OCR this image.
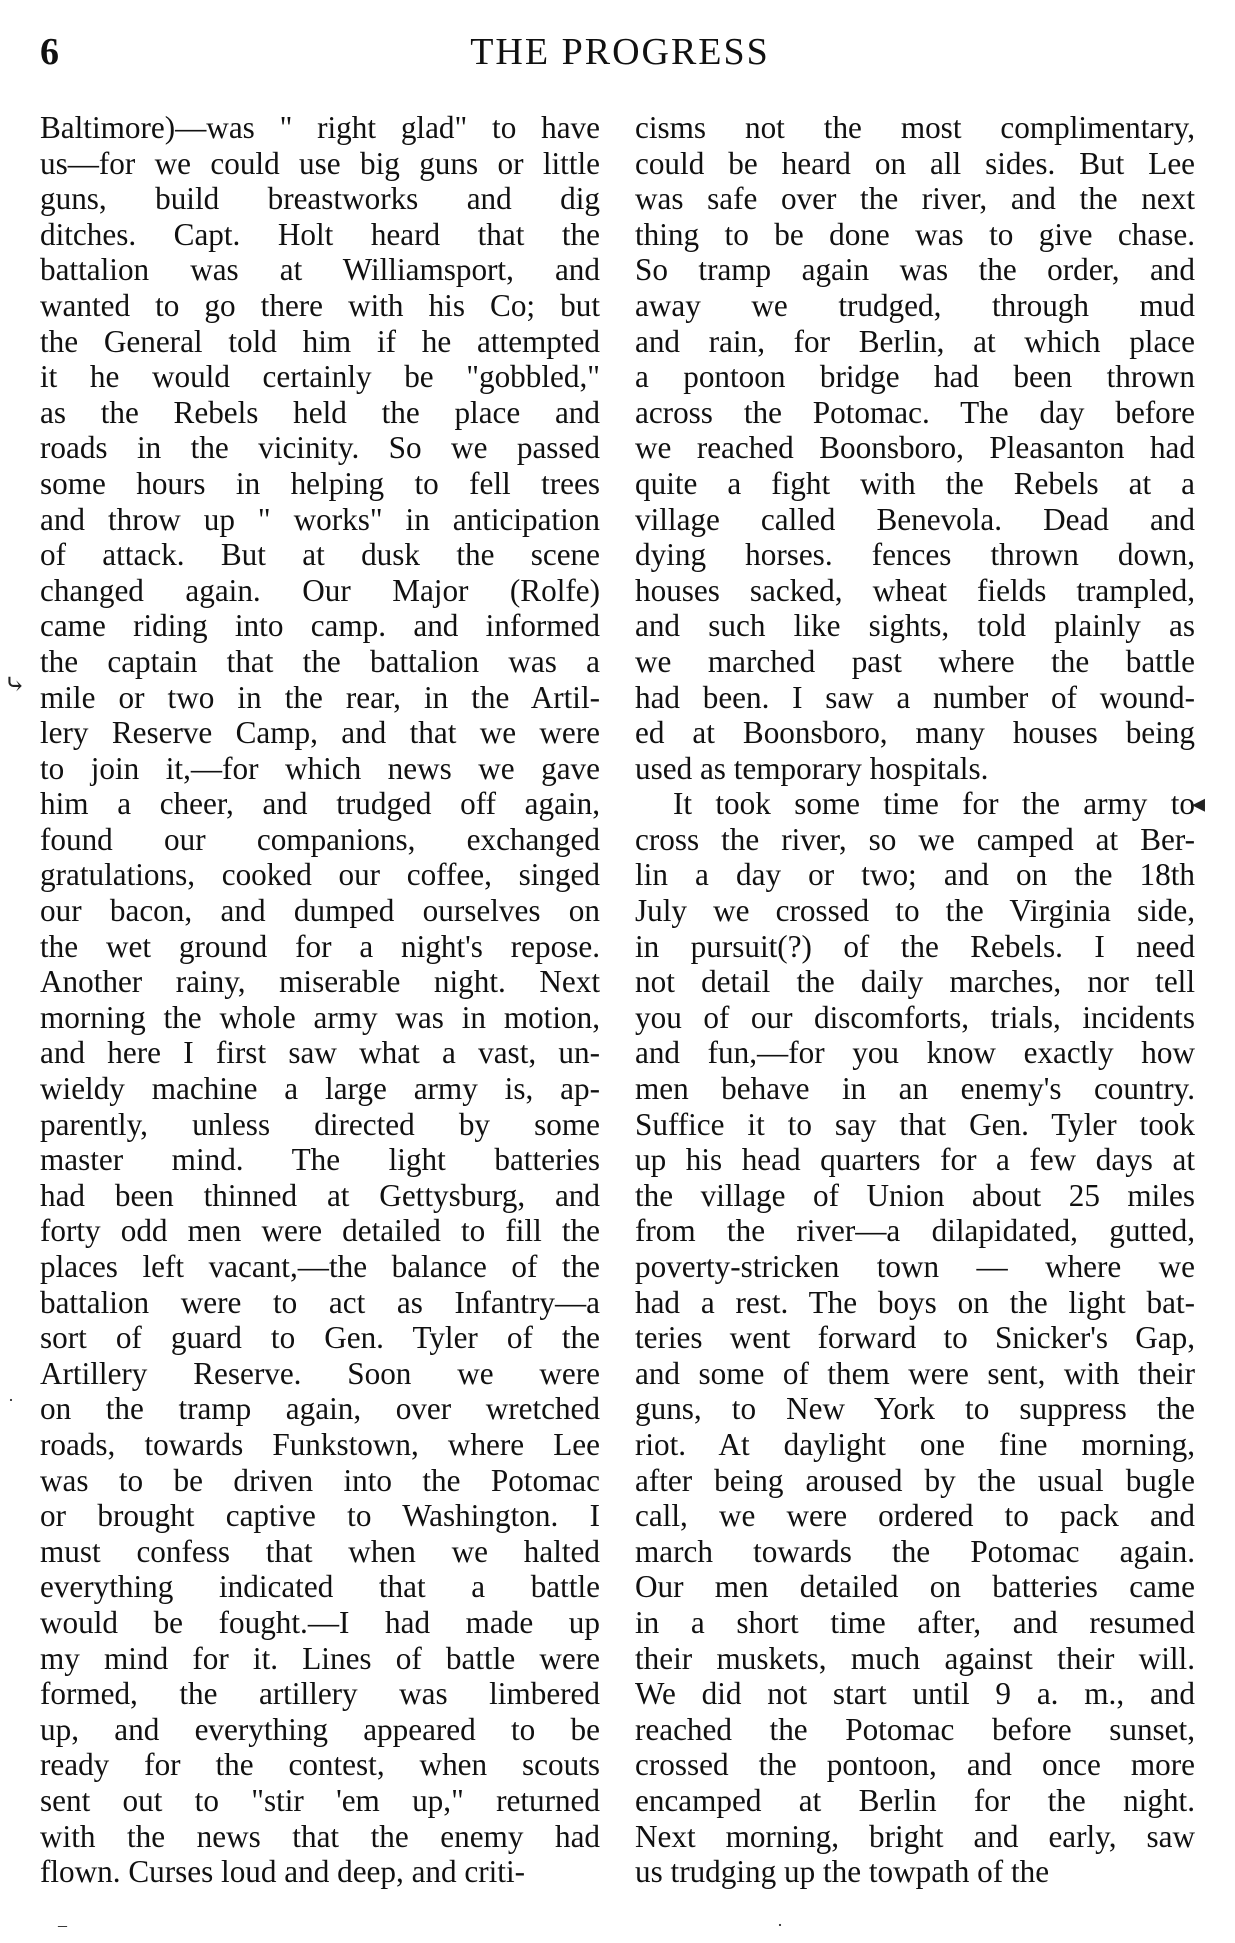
6	THE PROGRESS
Baltimore)—was " right glad" to have
us—for we could use big guns or little
guns, build breastworks and dig
ditches. Capt. Holt heard that the
battalion was at Williamsport, and
wanted to go there with his Co; but
the General told him if he attempted
it he would certainly be "gobbled,"
as the Rebels held the place and
roads in the vicinity. So we passed
some hours in helping to fell trees
and throw up " works" in anticipation
of attack. But at dusk the scene
changed again. Our Major (Rolfe)
came riding into camp. and informed
the captain that the battalion was a
mile or two in the rear, in the Artil-
lery Reserve Camp, and that we were
to join it,—for which news we gave
him a cheer, and trudged off again,
found our companions, exchanged
gratulations, cooked our coffee, singed
our bacon, and dumped ourselves on
the wet ground for a night's repose.
Another rainy, miserable night. Next
morning the whole army was in motion,
and here I first saw what a vast, un-
wieldy machine a large army is, ap-
parently, unless directed by some
master mind. The light batteries
had been thinned at Gettysburg, and
forty odd men were detailed to fill the
places left vacant,—the balance of the
battalion were to act as Infantry—a
sort of guard to Gen. Tyler of the
Artillery Reserve. Soon we were
on the tramp again, over wretched
roads, towards Funkstown, where Lee
was to be driven into the Potomac
or brought captive to Washington. I
must confess that when we halted
everything indicated that a battle
would be fought.—I had made up
my mind for it. Lines of battle were
formed, the artillery was limbered
up, and everything appeared to be
ready for the contest, when scouts
sent out to "stir 'em up," returned
with the news that the enemy had
flown. Curses loud and deep, and criti-
cisms not the most complimentary,
could be heard on all sides. But Lee
was safe over the river, and the next
thing to be done was to give chase.
So tramp again was the order, and
away we trudged, through mud
and rain, for Berlin, at which place
a pontoon bridge had been thrown
across the Potomac. The day before
we reached Boonsboro, Pleasanton had
quite a fight with the Rebels at a
village called Benevola. Dead and
dying horses. fences thrown down,
houses sacked, wheat fields trampled,
and such like sights, told plainly as
we marched past where the battle
had been. I saw a number of wound-
ed at Boonsboro, many houses being
used as temporary hospitals.
It took some time for the army to
cross the river, so we camped at Ber-
lin a day or two; and on the 18th
July we crossed to the Virginia side,
in pursuit(?) of the Rebels. I need
not detail the daily marches, nor tell
you of our discomforts, trials, incidents
and fun,—for you know exactly how
men behave in an enemy's country.
Suffice it to say that Gen. Tyler took
up his head quarters for a few days at
the village of Union about 25 miles
from the river—a dilapidated, gutted,
poverty-stricken town — where we
had a rest. The boys on the light bat-
teries went forward to Snicker's Gap,
and some of them were sent, with their
guns, to New York to suppress the
riot. At daylight one fine morning,
after being aroused by the usual bugle
call, we were ordered to pack and
march towards the Potomac again.
Our men detailed on batteries came
in a short time after, and resumed
their muskets, much against their will.
We did not start until 9 a. m., and
reached the Potomac before sunset,
crossed the pontoon, and once more
encamped at Berlin for the night.
Next morning, bright and early, saw
us trudging up the towpath of the
⤷
◂
·
·
–
